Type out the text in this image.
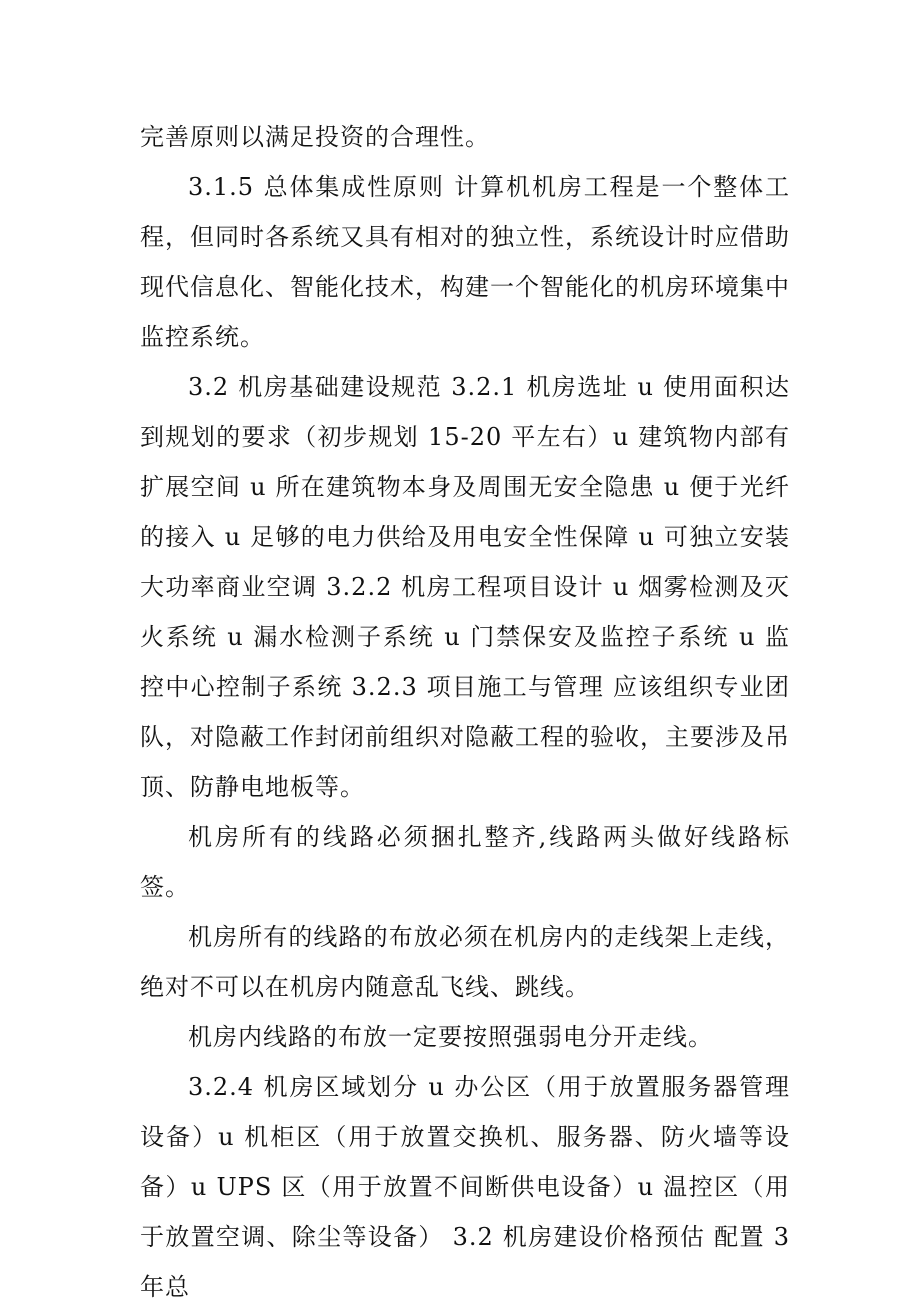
完善原则以满足投资的合理性。

3.1.5 总体集成性原则 计算机机房工程是一个整体工程，但同时各系统又具有相对的独立性，系统设计时应借助现代信息化、智能化技术，构建一个智能化的机房环境集中监控系统。

3.2 机房基础建设规范 3.2.1 机房选址 u 使用面积达到规划的要求（初步规划 15-20 平左右）u 建筑物内部有扩展空间 u 所在建筑物本身及周围无安全隐患 u 便于光纤的接入 u 足够的电力供给及用电安全性保障 u 可独立安装大功率商业空调 3.2.2 机房工程项目设计 u 烟雾检测及灭火系统 u 漏水检测子系统 u 门禁保安及监控子系统 u 监控中心控制子系统 3.2.3 项目施工与管理 应该组织专业团队，对隐蔽工作封闭前组织对隐蔽工程的验收，主要涉及吊顶、防静电地板等。

机房所有的线路必须捆扎整齐,线路两头做好线路标签。

机房所有的线路的布放必须在机房内的走线架上走线，绝对不可以在机房内随意乱飞线、跳线。

机房内线路的布放一定要按照强弱电分开走线。

3.2.4 机房区域划分 u 办公区（用于放置服务器管理设备）u 机柜区（用于放置交换机、服务器、防火墙等设备）u UPS 区（用于放置不间断供电设备）u 温控区（用于放置空调、除尘等设备） 3.2 机房建设价格预估 配置 3 年总
